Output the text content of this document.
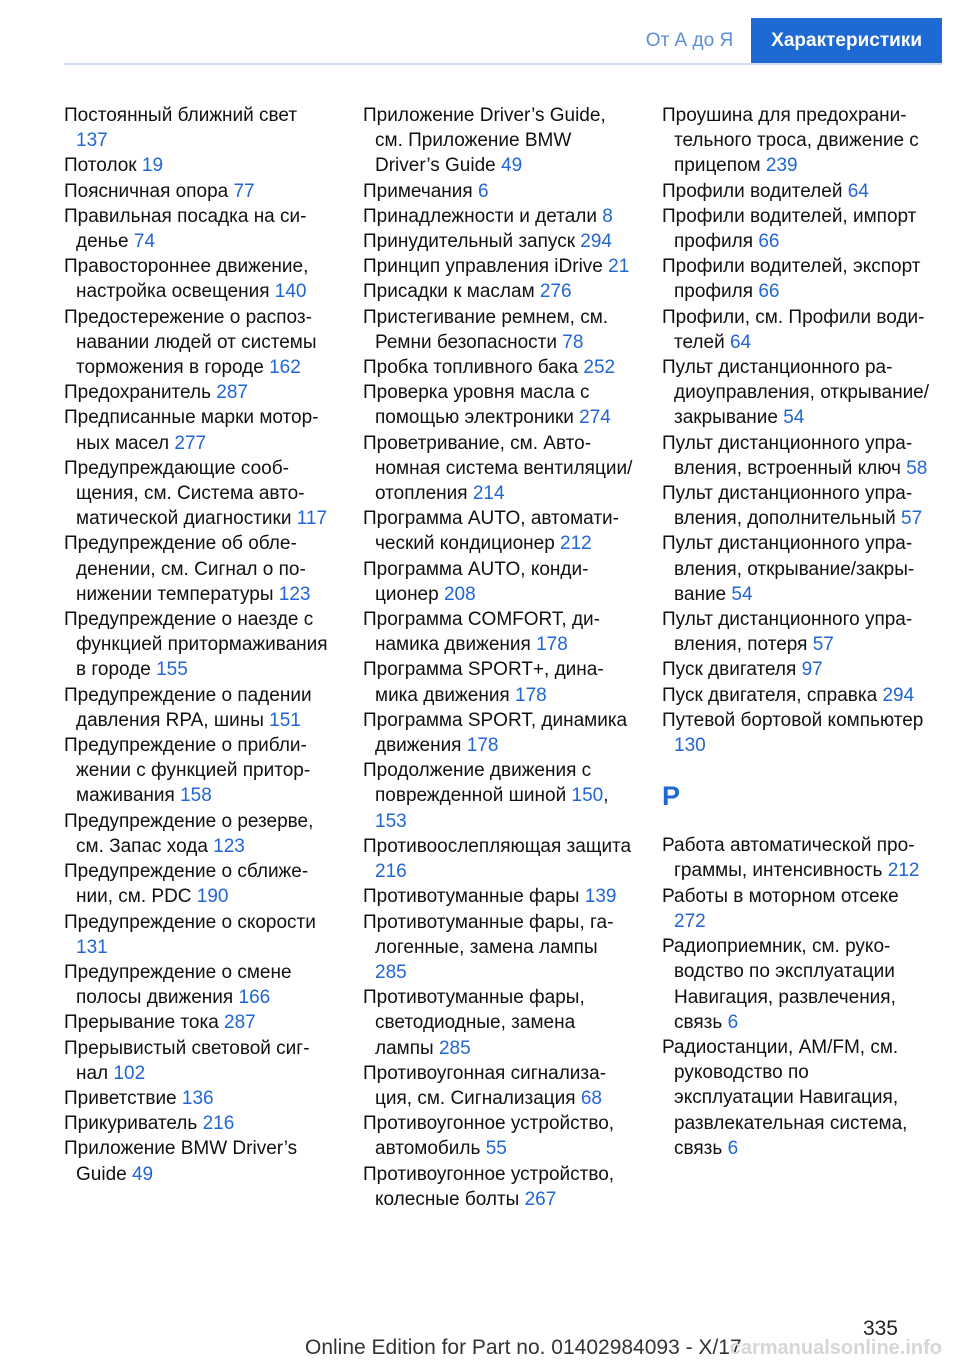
От А до Я	Характеристики
Постоянный ближний свет 137
Потолок 19
Поясничная опора 77
Правильная посадка на сиденье 74
Правостороннее движение, настройка освещения 140
Предостережение о распознавании людей от системы торможения в городе 162
Предохранитель 287
Предписанные марки моторных масел 277
Предупреждающие сообщения, см. Система автоматической диагностики 117
Предупреждение об обледенении, см. Сигнал о понижении температуры 123
Предупреждение о наезде с функцией притормаживания в городе 155
Предупреждение о падении давления RPA, шины 151
Предупреждение о приближении с функцией притормаживания 158
Предупреждение о резерве, см. Запас хода 123
Предупреждение о сближении, см. PDC 190
Предупреждение о скорости 131
Предупреждение о смене полосы движения 166
Прерывание тока 287
Прерывистый световой сигнал 102
Приветствие 136
Прикуриватель 216
Приложение BMW Driver’s Guide 49
Приложение Driver’s Guide, см. Приложение BMW Driver’s Guide 49
Примечания 6
Принадлежности и детали 8
Принудительный запуск 294
Принцип управления iDrive 21
Присадки к маслам 276
Пристегивание ремнем, см. Ремни безопасности 78
Пробка топливного бака 252
Проверка уровня масла с помощью электроники 274
Проветривание, см. Автономная система вентиляции/отопления 214
Программа AUTO, автоматический кондиционер 212
Программа AUTO, кондиционер 208
Программа COMFORT, динамика движения 178
Программа SPORT+, динамика движения 178
Программа SPORT, динамика движения 178
Продолжение движения с поврежденной шиной 150, 153
Противоослепляющая защита 216
Противотуманные фары 139
Противотуманные фары, галогенные, замена лампы 285
Противотуманные фары, светодиодные, замена лампы 285
Противоугонная сигнализация, см. Сигнализация 68
Противоугонное устройство, автомобиль 55
Противоугонное устройство, колесные болты 267
Проушина для предохранительного троса, движение с прицепом 239
Профили водителей 64
Профили водителей, импорт профиля 66
Профили водителей, экспорт профиля 66
Профили, см. Профили водителей 64
Пульт дистанционного радиоуправления, открывание/закрывание 54
Пульт дистанционного управления, встроенный ключ 58
Пульт дистанционного управления, дополнительный 57
Пульт дистанционного управления, открывание/закрывание 54
Пульт дистанционного управления, потеря 57
Пуск двигателя 97
Пуск двигателя, справка 294
Путевой бортовой компьютер 130
Р
Работа автоматической программы, интенсивность 212
Работы в моторном отсеке 272
Радиоприемник, см. руководство по эксплуатации Навигация, развлечения, связь 6
Радиостанции, AM/FM, см. руководство по эксплуатации Навигация, развлекательная система, связь 6
335
Online Edition for Part no. 01402984093 - X/17
carmanualsonline.info
